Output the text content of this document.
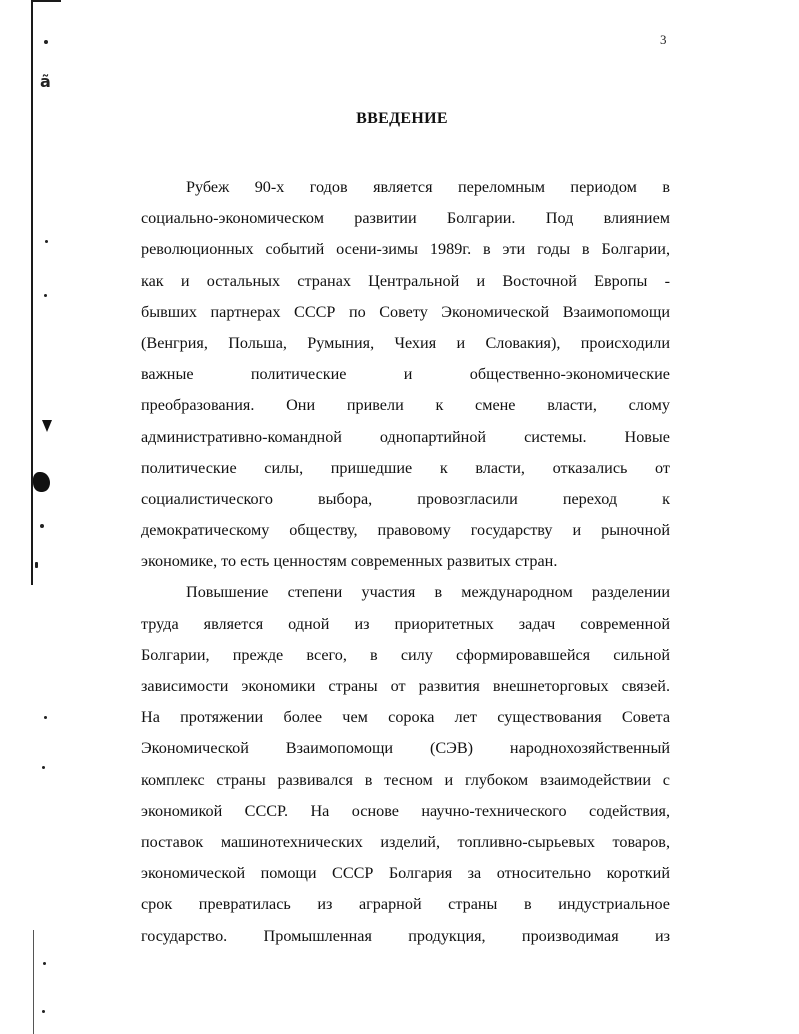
ã
3
ВВЕДЕНИЕ
Рубеж 90-х годов является переломным периодом в
социально-экономическом развитии Болгарии. Под влиянием
революционных событий осени-зимы 1989г. в эти годы в Болгарии,
как и остальных странах Центральной и Восточной Европы -
бывших партнерах СССР по Совету Экономической Взаимопомощи
(Венгрия, Польша, Румыния, Чехия и Словакия), происходили
важные политические и общественно-экономические
преобразования. Они привели к смене власти, слому
административно-командной однопартийной системы. Новые
политические силы, пришедшие к власти, отказались от
социалистического выбора, провозгласили переход к
демократическому обществу, правовому государству и рыночной
экономике, то есть ценностям современных развитых стран.
Повышение степени участия в международном разделении
труда является одной из приоритетных задач современной
Болгарии, прежде всего, в силу сформировавшейся сильной
зависимости экономики страны от развития внешнеторговых связей.
На протяжении более чем сорока лет существования Совета
Экономической Взаимопомощи (СЭВ) народнохозяйственный
комплекс страны развивался в тесном и глубоком взаимодействии с
экономикой СССР. На основе научно-технического содействия,
поставок машинотехнических изделий, топливно-сырьевых товаров,
экономической помощи СССР Болгария за относительно короткий
срок превратилась из аграрной страны в индустриальное
государство. Промышленная продукция, производимая из
